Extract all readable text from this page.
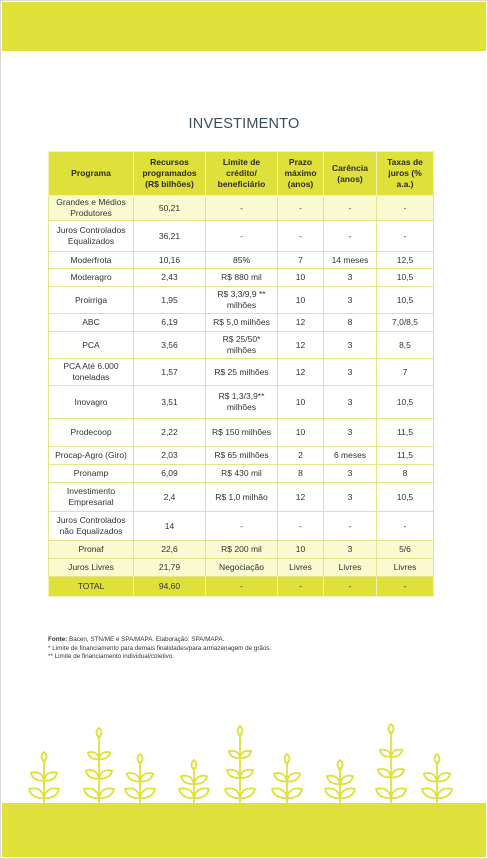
INVESTIMENTO
Programa	Recursos programados (R$ bilhões)	Limite de crédito/ beneficiário	Prazo máximo (anos)	Carência (anos)	Taxas de juros (% a.a.)
Grandes e Médios Produtores	50,21	-	-	-	-
Juros Controlados Equalizados	36,21	-	-	-	-
Moderfrota	10,16	85%	7	14 meses	12,5
Moderagro	2,43	R$ 880 mil	10	3	10,5
Proirriga	1,95	R$ 3,3/9,9 ** milhões	10	3	10,5
ABC	6,19	R$ 5,0 milhões	12	8	7,0/8,5
PCA	3,56	R$ 25/50* milhões	12	3	8,5
PCA Até 6.000 toneladas	1,57	R$ 25 milhões	12	3	7
Inovagro	3,51	R$ 1,3/3,9** milhões	10	3	10,5
Prodecoop	2,22	R$ 150 milhões	10	3	11,5
Procap-Agro (Giro)	2,03	R$ 65 milhões	2	6 meses	11,5
Pronamp	6,09	R$ 430 mil	8	3	8
Investimento Empresarial	2,4	R$ 1,0 milhão	12	3	10,5
Juros Controlados não Equalizados	14	-	-	-	-
Pronaf	22,6	R$ 200 mil	10	3	5/6
Juros Livres	21,79	Negociação	Livres	Livres	Livres
TOTAL	94,60	-	-	-	-
Fonte: Bacen, STN/ME e SPA/MAPA. Elaboração: SPA/MAPA.
* Limite de financiamento para demais finalidades/para armazenagem de grãos.
** Limite de financiamento individual/coletivo.
